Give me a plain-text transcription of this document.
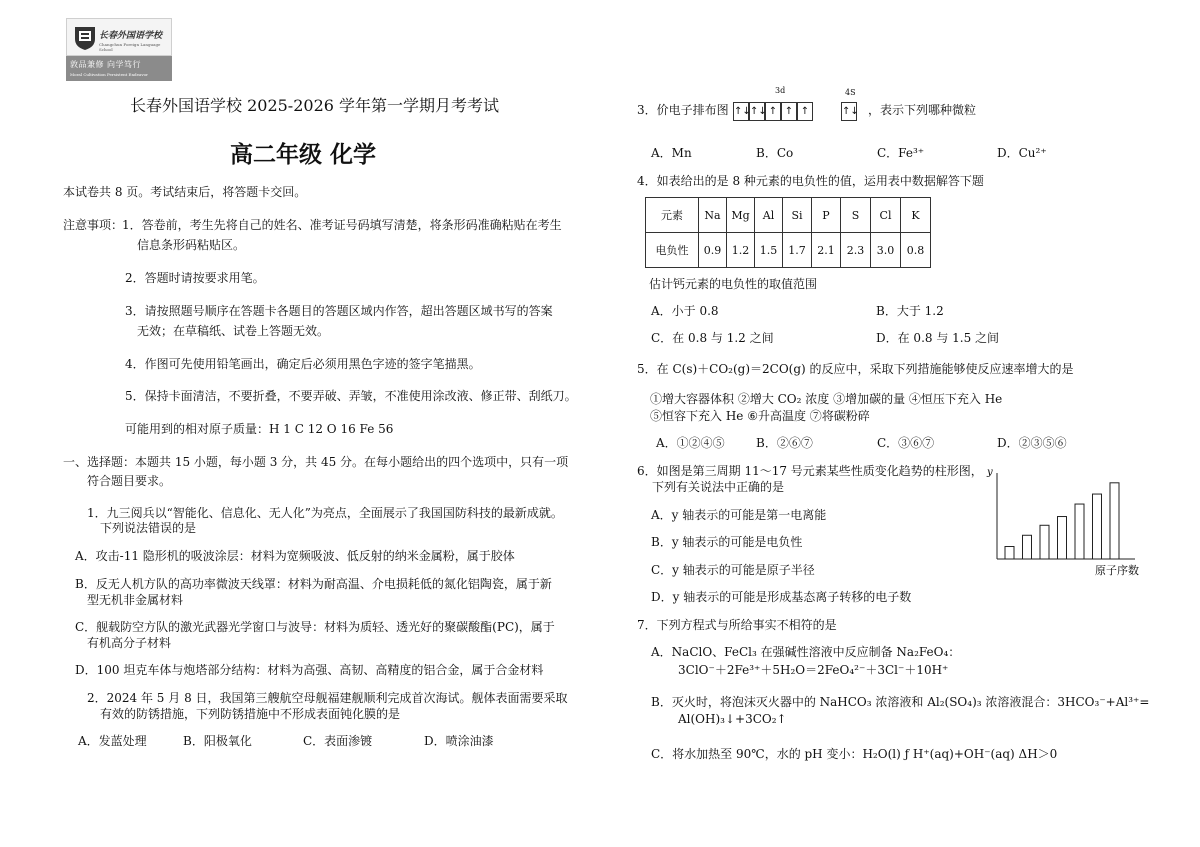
长春外国语学校
Changchun Foreign Language School
敦品兼修 向学笃行
Moral Cultivation Persistent Endeavor
长春外国语学校 2025-2026 学年第一学期月考考试
高二年级 化学
本试卷共 8 页。考试结束后，将答题卡交回。
注意事项：
1．答卷前，考生先将自己的姓名、准考证号码填写清楚，将条形码准确粘贴在考生
信息条形码粘贴区。
2．答题时请按要求用笔。
3．请按照题号顺序在答题卡各题目的答题区域内作答，超出答题区域书写的答案
无效；在草稿纸、试卷上答题无效。
4．作图可先使用铅笔画出，确定后必须用黑色字迹的签字笔描黑。
5．保持卡面清洁，不要折叠，不要弄破、弄皱，不准使用涂改液、修正带、刮纸刀。
可能用到的相对原子质量：H 1 C 12 O 16 Fe 56
一、选择题：本题共 15 小题，每小题 3 分，共 45 分。在每小题给出的四个选项中，只有一项
符合题目要求。
1．九三阅兵以“智能化、信息化、无人化”为亮点，全面展示了我国国防科技的最新成就。
下列说法错误的是
A．攻击-11 隐形机的吸波涂层：材料为宽频吸波、低反射的纳米金属粉，属于胶体
B．反无人机方队的高功率微波天线罩：材料为耐高温、介电损耗低的氮化铝陶瓷，属于新
型无机非金属材料
C．舰载防空方队的激光武器光学窗口与波导：材料为质轻、透光好的聚碳酸酯(PC)，属于
有机高分子材料
D．100 坦克车体与炮塔部分结构：材料为高强、高韧、高精度的铝合金，属于合金材料
2．2024 年 5 月 8 日，我国第三艘航空母舰福建舰顺利完成首次海试。舰体表面需要采取
有效的防锈措施，下列防锈措施中不形成表面钝化膜的是
A．发蓝处理	B．阳极氧化	C．表面渗镀	D．喷涂油漆
3．价电子排布图
3d	4S
↑↓↑↓ ↑ ↑ ↑	↑↓ ，表示下列哪种微粒
A．Mn	B．Co	C．Fe³⁺	D．Cu²⁺
4．如表给出的是 8 种元素的电负性的值，运用表中数据解答下题
元素	Na	Mg	Al	Si	P	S	Cl	K
电负性	0.9	1.2	1.5	1.7	2.1	2.3	3.0	0.8
估计钙元素的电负性的取值范围
A．小于 0.8	B．大于 1.2
C．在 0.8 与 1.2 之间	D．在 0.8 与 1.5 之间
5．在 C(s)＋CO₂(g)＝2CO(g) 的反应中，采取下列措施能够使反应速率增大的是
①增大容器体积 ②增大 CO₂ 浓度 ③增加碳的量 ④恒压下充入 He
⑤恒容下充入 He ⑥升高温度 ⑦将碳粉碎
A．①②④⑤	B．②⑥⑦	C．③⑥⑦	D．②③⑤⑥
6．如图是第三周期 11～17 号元素某些性质变化趋势的柱形图，
下列有关说法中正确的是
A．y 轴表示的可能是第一电离能
B．y 轴表示的可能是电负性
C．y 轴表示的可能是原子半径
D．y 轴表示的可能是形成基态离子转移的电子数
y
原子序数
7．下列方程式与所给事实不相符的是
A．NaClO、FeCl₃ 在强碱性溶液中反应制备 Na₂FeO₄：
3ClO⁻＋2Fe³⁺＋5H₂O＝2FeO₄²⁻＋3Cl⁻＋10H⁺
B．灭火时，将泡沫灭火器中的 NaHCO₃ 浓溶液和 Al₂(SO₄)₃ 浓溶液混合：3HCO₃⁻+Al³⁺=
Al(OH)₃↓+3CO₂↑
C．将水加热至 90℃，水的 pH 变小：H₂O(l) ƒ H⁺(aq)+OH⁻(aq) ΔH＞0
